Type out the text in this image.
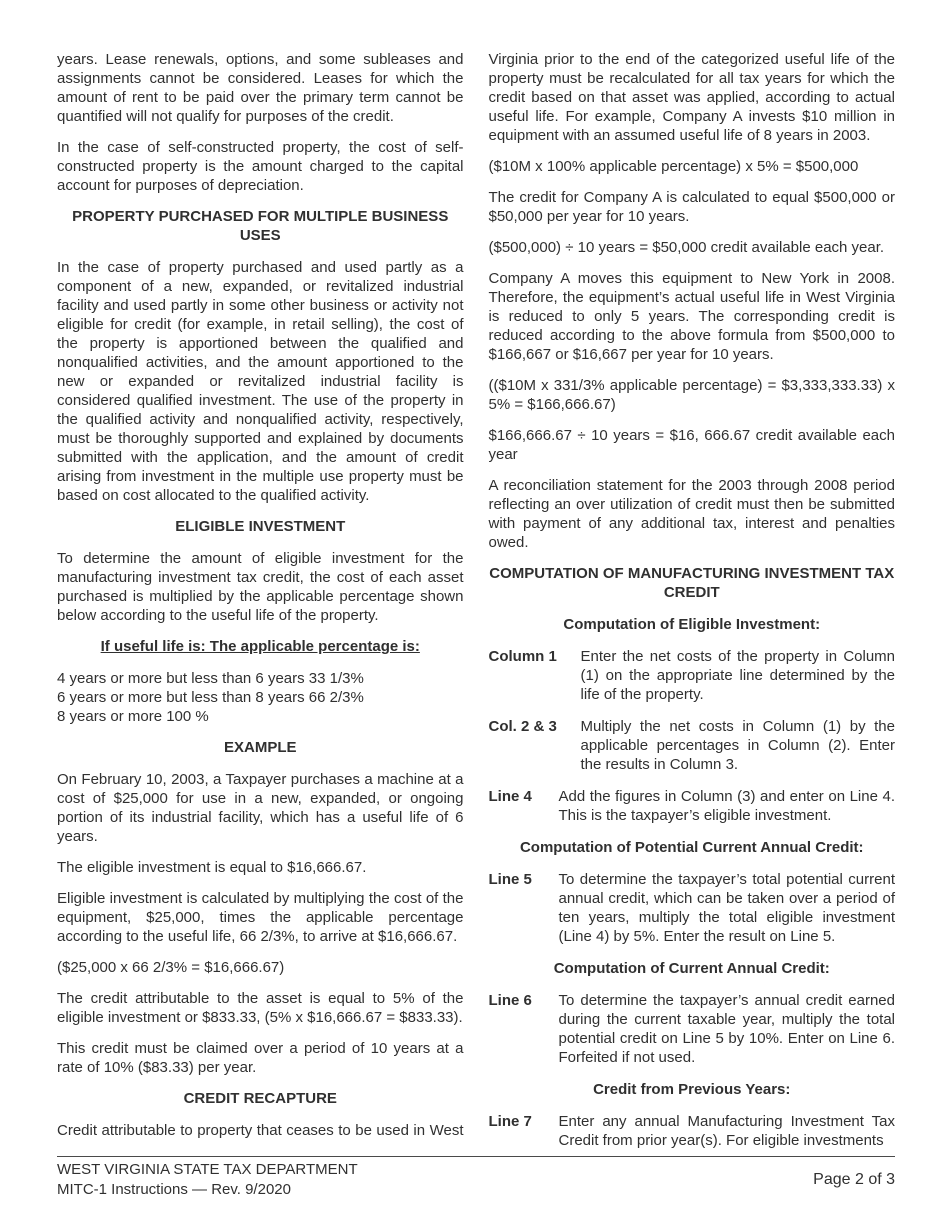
years. Lease renewals, options, and some subleases and assignments cannot be considered. Leases for which the amount of rent to be paid over the primary term cannot be quantified will not qualify for purposes of the credit.

In the case of self-constructed property, the cost of self-constructed property is the amount charged to the capital account for purposes of depreciation.

PROPERTY PURCHASED FOR MULTIPLE BUSINESS USES

In the case of property purchased and used partly as a component of a new, expanded, or revitalized industrial facility and used partly in some other business or activity not eligible for credit (for example, in retail selling), the cost of the property is apportioned between the qualified and nonqualified activities, and the amount apportioned to the new or expanded or revitalized industrial facility is considered qualified investment. The use of the property in the qualified activity and nonqualified activity, respectively, must be thoroughly supported and explained by documents submitted with the application, and the amount of credit arising from investment in the multiple use property must be based on cost allocated to the qualified activity.

ELIGIBLE INVESTMENT

To determine the amount of eligible investment for the manufacturing investment tax credit, the cost of each asset purchased is multiplied by the applicable percentage shown below according to the useful life of the property.

If useful life is: The applicable percentage is:
4 years or more but less than 6 years 33 1/3%
6 years or more but less than 8 years 66 2/3%
8 years or more 100 %
EXAMPLE

On February 10, 2003, a Taxpayer purchases a machine at a cost of $25,000 for use in a new, expanded, or ongoing portion of its industrial facility, which has a useful life of 6 years.

The eligible investment is equal to $16,666.67.

Eligible investment is calculated by multiplying the cost of the equipment, $25,000, times the applicable percentage according to the useful life, 66 2/3%, to arrive at $16,666.67.

($25,000 x 66 2/3% = $16,666.67)

The credit attributable to the asset is equal to 5% of the eligible investment or $833.33, (5% x $16,666.67 = $833.33).

This credit must be claimed over a period of 10 years at a rate of 10% ($83.33) per year.

CREDIT RECAPTURE

Credit attributable to property that ceases to be used in West

Virginia prior to the end of the categorized useful life of the property must be recalculated for all tax years for which the credit based on that asset was applied, according to actual useful life. For example, Company A invests $10 million in equipment with an assumed useful life of 8 years in 2003.

($10M x 100% applicable percentage) x 5% = $500,000

The credit for Company A is calculated to equal $500,000 or $50,000 per year for 10 years.

($500,000) ÷ 10 years = $50,000 credit available each year.

Company A moves this equipment to New York in 2008. Therefore, the equipment’s actual useful life in West Virginia is reduced to only 5 years. The corresponding credit is reduced according to the above formula from $500,000 to $166,667 or $16,667 per year for 10 years.

(($10M x 331/3% applicable percentage) = $3,333,333.33) x 5% = $166,666.67)

$166,666.67 ÷ 10 years = $16, 666.67 credit available each year

A reconciliation statement for the 2003 through 2008 period reflecting an over utilization of credit must then be submitted with payment of any additional tax, interest and penalties owed.

COMPUTATION OF MANUFACTURING INVESTMENT TAX CREDIT
Computation of Eligible Investment:
Column 1	Enter the net costs of the property in Column (1) on the appropriate line determined by the life of the property.
Col. 2 & 3	Multiply the net costs in Column (1) by the applicable percentages in Column (2). Enter the results in Column 3.
Line 4	Add the figures in Column (3) and enter on Line 4. This is the taxpayer’s eligible investment.
Computation of Potential Current Annual Credit:
Line 5	To determine the taxpayer’s total potential current annual credit, which can be taken over a period of ten years, multiply the total eligible investment (Line 4) by 5%. Enter the result on Line 5.
Computation of Current Annual Credit:
Line 6	To determine the taxpayer’s annual credit earned during the current taxable year, multiply the total potential credit on Line 5 by 10%. Enter on Line 6. Forfeited if not used.
Credit from Previous Years:
Line 7	Enter any annual Manufacturing Investment Tax Credit from prior year(s). For eligible investments
WEST VIRGINIA STATE TAX DEPARTMENT
MITC-1 Instructions — Rev. 9/2020
Page 2 of 3
